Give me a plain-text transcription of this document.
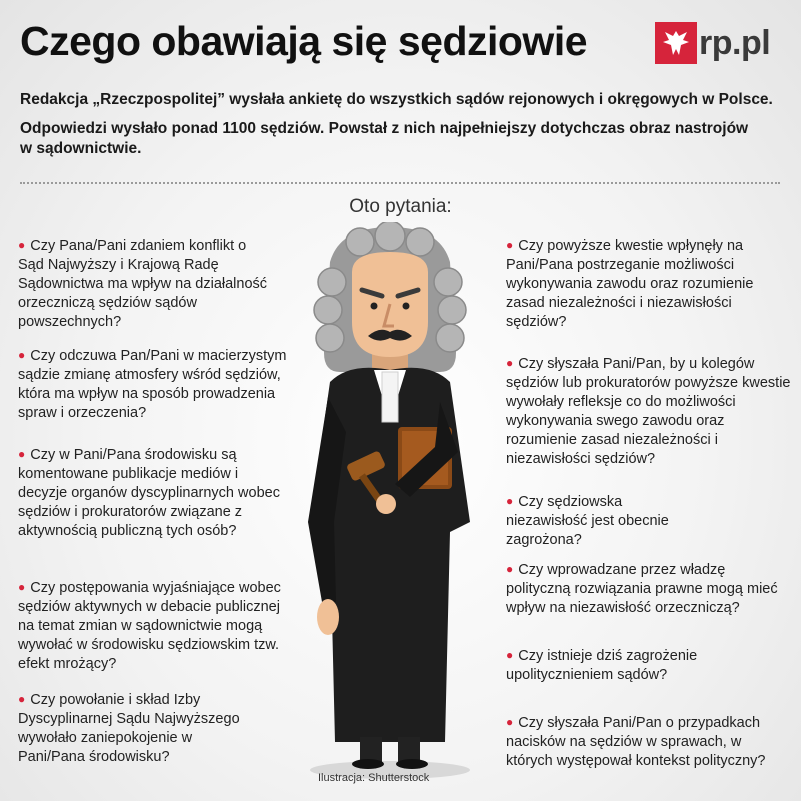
Czego obawiają się sędziowie	rp.pl
Redakcja „Rzeczpospolitej” wysłała ankietę do wszystkich sądów rejonowych i okręgowych w Polsce.
Odpowiedzi wysłało ponad 1100 sędziów. Powstał z nich najpełniejszy dotychczas obraz nastrojów w sądownictwie.
Oto pytania:
● Czy Pana/Pani zdaniem konflikt o Sąd Najwyższy i Krajową Radę Sądownictwa ma wpływ na działalność orzeczniczą sędziów sądów powszechnych?
● Czy odczuwa Pan/Pani w macierzystym sądzie zmianę atmosfery wśród sędziów, która ma wpływ na sposób prowadzenia spraw i orzeczenia?
● Czy w Pani/Pana środowisku są komentowane publikacje mediów i decyzje organów dyscyplinarnych wobec sędziów i prokuratorów związane z aktywnością publiczną tych osób?
● Czy postępowania wyjaśniające wobec sędziów aktywnych w debacie publicznej na temat zmian w sądownictwie mogą wywołać w środowisku sędziowskim tzw. efekt mrożący?
● Czy powołanie i skład Izby Dyscyplinarnej Sądu Najwyższego wywołało zaniepokojenie w Pani/Pana środowisku?
● Czy powyższe kwestie wpłynęły na Pani/Pana postrzeganie możliwości wykonywania zawodu oraz rozumienie zasad niezależności i niezawisłości sędziów?
● Czy słyszała Pani/Pan, by u kolegów sędziów lub prokuratorów powyższe kwestie wywołały refleksje co do możliwości wykonywania swego zawodu oraz rozumienie zasad niezależności i niezawisłości sędziów?
● Czy sędziowska niezawisłość jest obecnie zagrożona?
● Czy wprowadzane przez władzę polityczną rozwiązania prawne mogą mieć wpływ na niezawisłość orzeczniczą?
● Czy istnieje dziś zagrożenie upolitycznieniem sądów?
● Czy słyszała Pani/Pan o przypadkach nacisków na sędziów w sprawach, w których występował kontekst polityczny?
Ilustracja: Shutterstock
